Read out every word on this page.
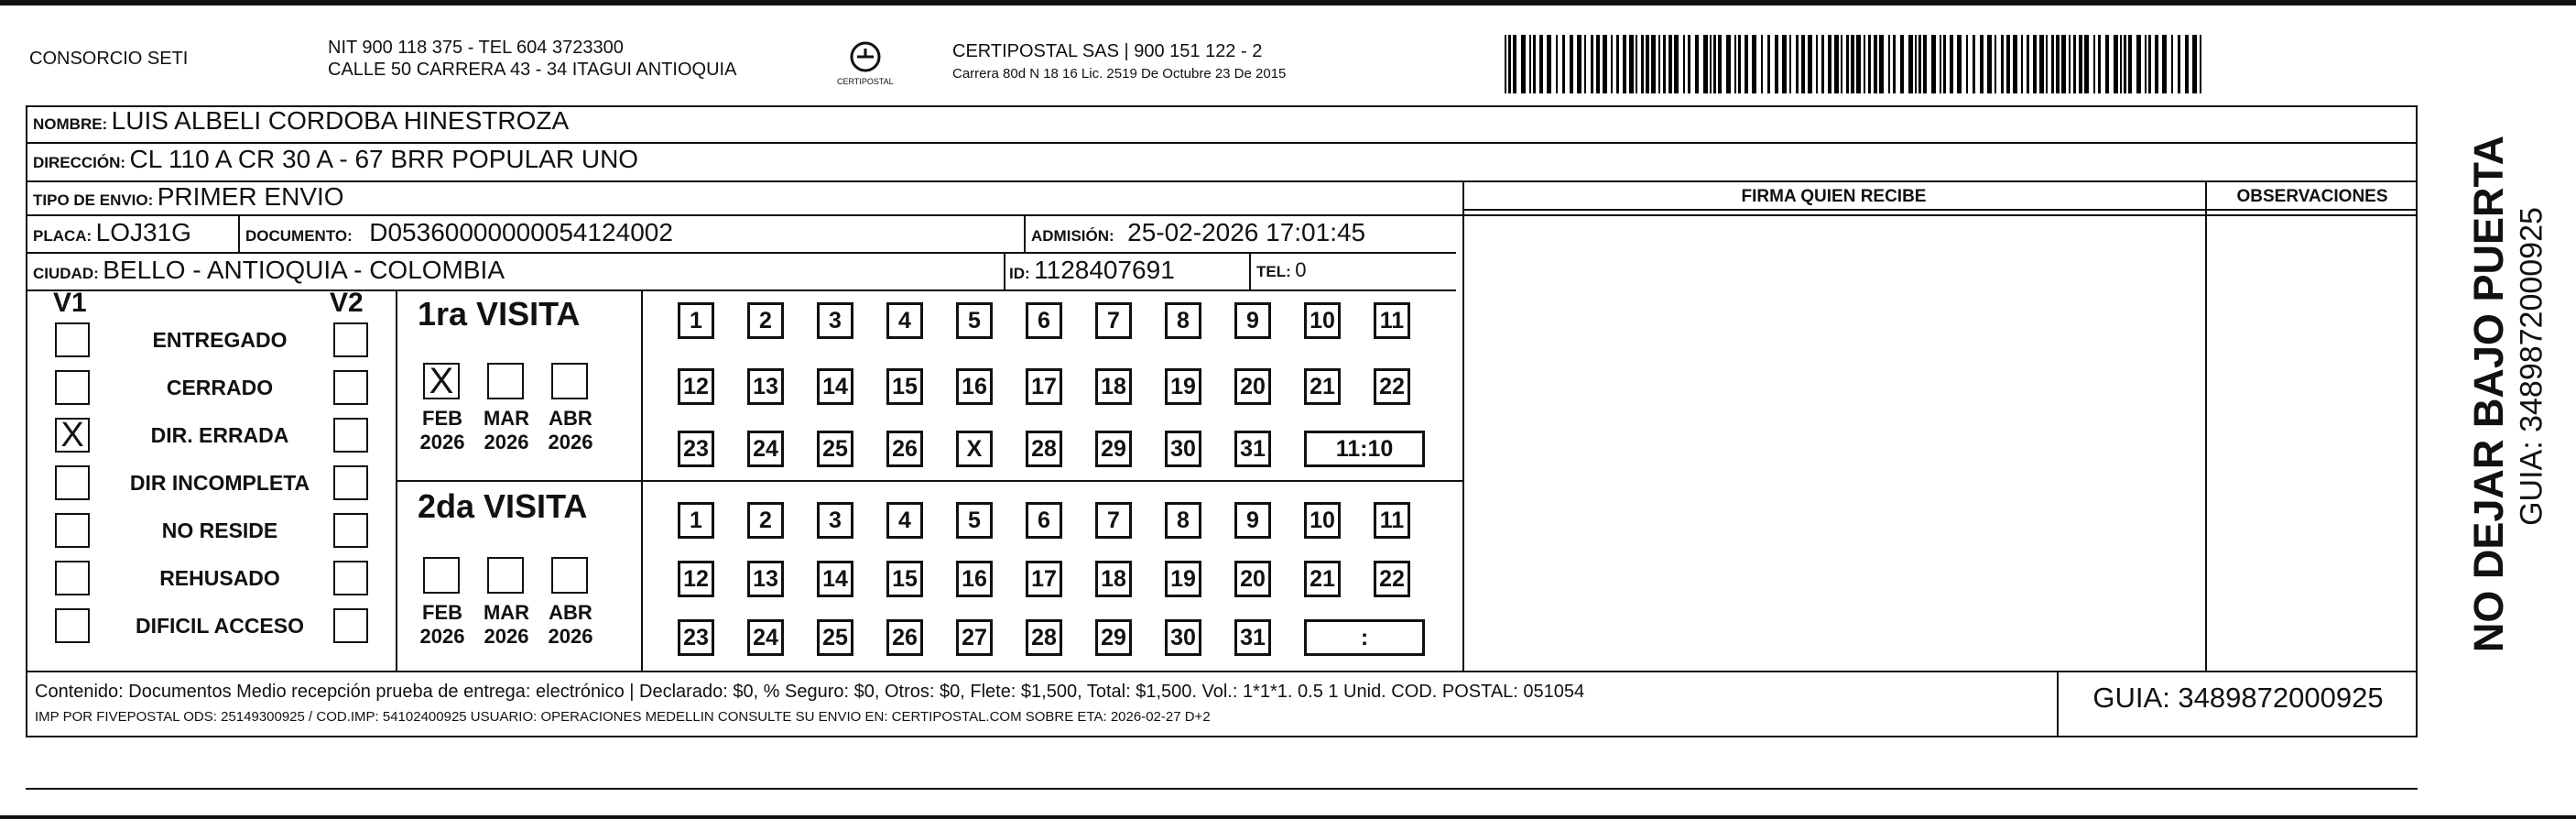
CONSORCIO SETI
NIT 900 118 375 - TEL 604 3723300
CALLE 50 CARRERA 43 - 34 ITAGUI ANTIOQUIA
CERTIPOSTAL
CERTIPOSTAL SAS | 900 151 122 - 2
Carrera 80d N 18 16 Lic. 2519 De Octubre 23 De 2015
NOMBRE: LUIS ALBELI CORDOBA HINESTROZA
DIRECCIÓN: CL 110 A CR 30 A - 67 BRR POPULAR UNO
TIPO DE ENVIO: PRIMER ENVIO	FIRMA QUIEN RECIBE	OBSERVACIONES
PLACA: LOJ31G	DOCUMENTO: D05360000000054124002	ADMISIÓN: 25-02-2026 17:01:45
CIUDAD: BELLO - ANTIOQUIA - COLOMBIA	ID: 1128407691	TEL: 0
V1	V2
ENTREGADO
CERRADO
X	DIR. ERRADA
DIR INCOMPLETA
NO RESIDE
REHUSADO
DIFICIL ACCESO
1ra VISITA
2da VISITA
X
FEB
2026
MAR
2026
ABR
2026
FEB
2026
MAR
2026
ABR
2026
1	2	3	4	5	6	7	8	9	10 11
12 13 14 15 16 17 18 19 20 21 22
23 24 25 26	X	28 29 30 31	11:10
1	2	3	4	5	6	7	8	9	10 11
12 13 14 15 16 17 18 19 20 21 22
23 24 25 26 27 28 29 30 31	:
Contenido: Documentos Medio recepción prueba de entrega: electrónico | Declarado: $0, % Seguro: $0, Otros: $0, Flete: $1,500, Total: $1,500. Vol.: 1*1*1. 0.5 1 Unid. COD. POSTAL: 051054
IMP POR FIVEPOSTAL ODS: 25149300925 / COD.IMP: 54102400925 USUARIO: OPERACIONES MEDELLIN CONSULTE SU ENVIO EN: CERTIPOSTAL.COM SOBRE ETA: 2026-02-27 D+2
GUIA: 3489872000925
NO DEJAR BAJO PUERTA GUIA: 3489872000925
